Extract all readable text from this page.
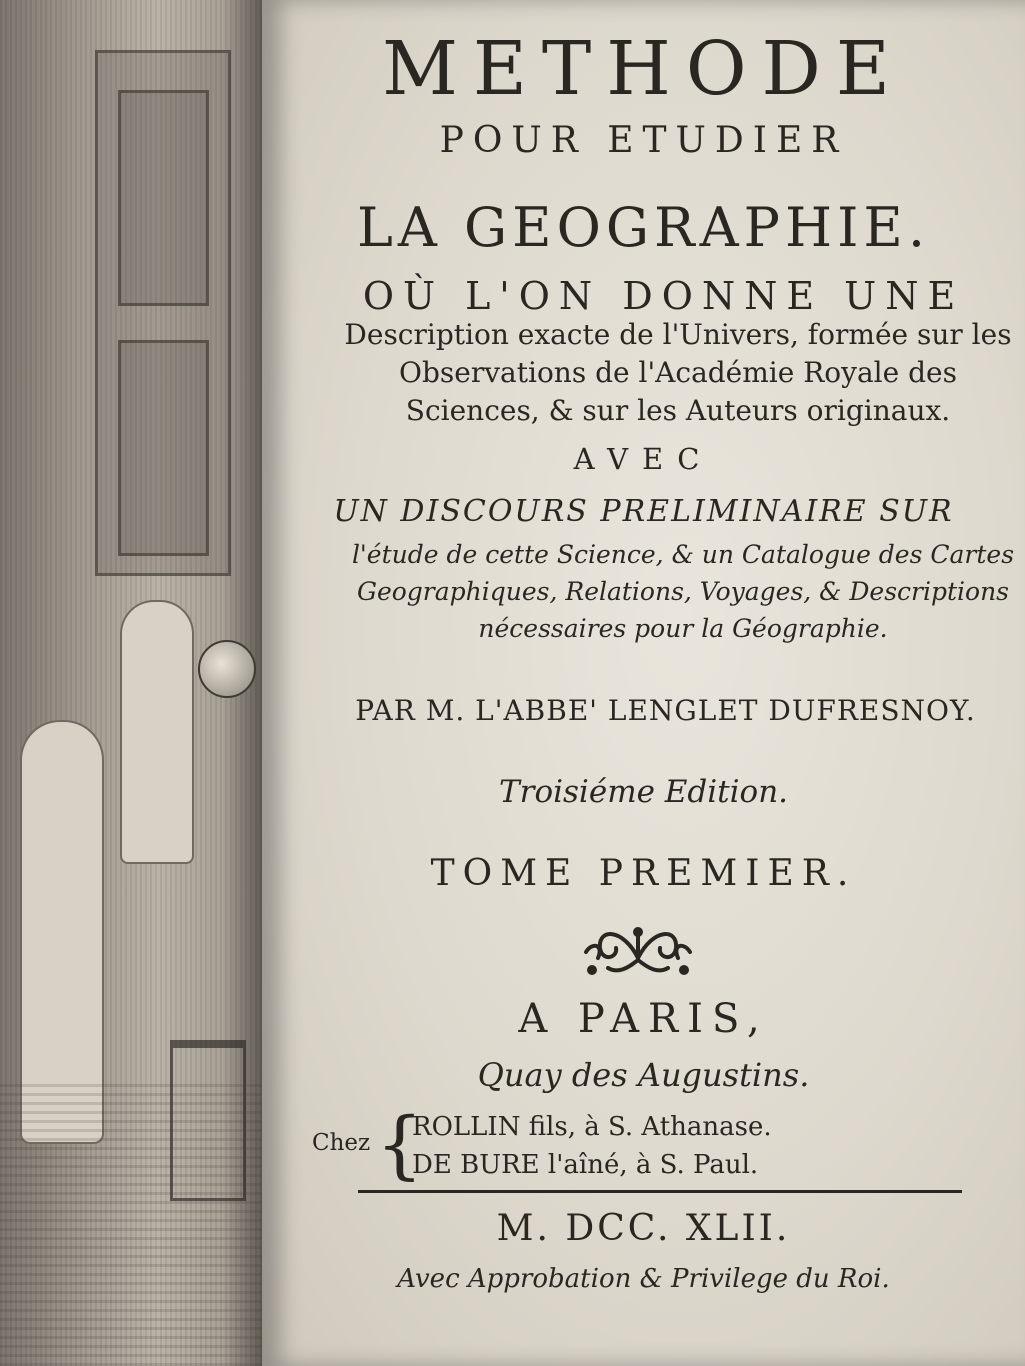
METHODE
POUR ETUDIER
LA GEOGRAPHIE.
OÙ L'ON DONNE UNE
Description exacte de l'Univers, formée sur les Observations de l'Académie Royale des Sciences, & sur les Auteurs originaux.
AVEC
UN DISCOURS PRELIMINAIRE SUR
l'étude de cette Science, & un Catalogue des Cartes Geographiques, Relations, Voyages, & Descriptions nécessaires pour la Géographie.
PAR M. L'ABBE' LENGLET DUFRESNOY.
Troisiéme Edition.
TOME PREMIER.
A PARIS,
Quay des Augustins.
Chez {
ROLLIN fils, à S. Athanase.
DE BURE l'aîné, à S. Paul.
M. DCC. XLII.
Avec Approbation & Privilege du Roi.
